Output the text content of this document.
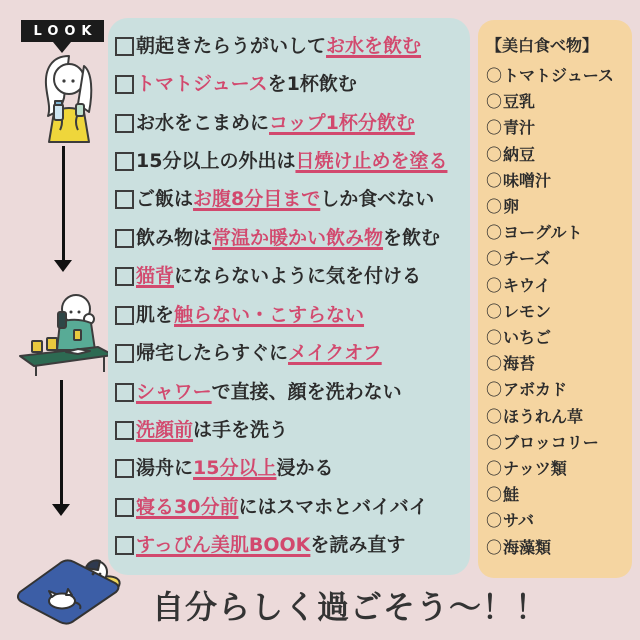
LOOK
朝起きたらうがいして お水を飲む
トマトジュース を1杯飲む
お水をこまめに コップ1杯分飲む
15分以上の外出は 日焼け止めを塗る
ご飯は お腹8分目まで しか食べない
飲み物は 常温か暖かい飲み物 を飲む
猫背 にならないように気を付ける
肌を 触らない・こすらない
帰宅したらすぐに メイクオフ
シャワー で直接、顔を洗わない
洗顔前 は手を洗う
湯舟に 15分以上 浸かる
寝る30分前 にはスマホとバイバイ
すっぴん美肌BOOK を読み直す
【美白食べ物】
〇 トマトジュース
〇 豆乳
〇 青汁
〇 納豆
〇 味噌汁
〇 卵
〇 ヨーグルト
〇 チーズ
〇 キウイ
〇 レモン
〇 いちご
〇 海苔
〇 アボカド
〇 ほうれん草
〇 ブロッコリー
〇 ナッツ類
〇 鮭
〇 サバ
〇 海藻類
自分らしく過ごそう〜！！
